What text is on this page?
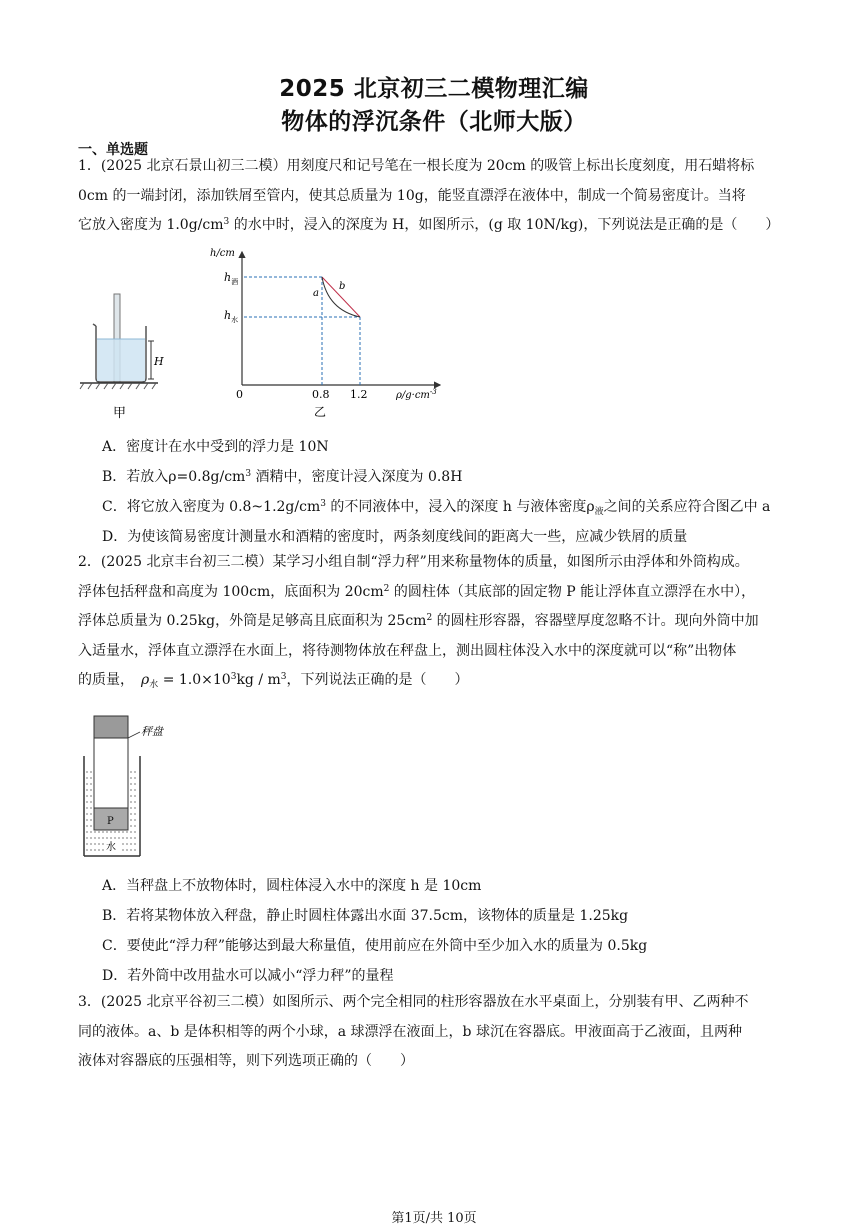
2025 北京初三二模物理汇编
物体的浮沉条件（北师大版）
一、单选题
1．(2025 北京石景山初三二模）用刻度尺和记号笔在一根长度为 20cm 的吸管上标出长度刻度，用石蜡将标
0cm 的一端封闭，添加铁屑至管内，使其总质量为 10g，能竖直漂浮在液体中，制成一个简易密度计。当将
它放入密度为 $1.0g/cm^3$ 的水中时，浸入的深度为 H，如图所示，(g 取 10N/kg)，下列说法是正确的是（　　）
H
甲
h/cm
$\rho/g\cdot cm^{-3}$
0
$h_酒$
$h_水$
a
b
0.8 1.2
乙
A．密度计在水中受到的浮力是 10N
B．若放入$\rho=0.8g/cm^3$ 酒精中，密度计浸入深度为 0.8H
C．将它放入密度为 $0.8\sim 1.2g/cm^3$ 的不同液体中，浸入的深度 h 与液体密度$\rho_液$之间的关系应符合图乙中 a
D．为使该简易密度计测量水和酒精的密度时，两条刻度线间的距离大一些，应减少铁屑的质量
2．(2025 北京丰台初三二模）某学习小组自制“浮力秤”用来称量物体的质量，如图所示由浮体和外筒构成。
浮体包括秤盘和高度为 100cm，底面积为 $20cm^2$ 的圆柱体（其底部的固定物 P 能让浮体直立漂浮在水中），
浮体总质量为 0.25kg，外筒是足够高且底面积为 $25cm^2$ 的圆柱形容器，容器壁厚度忽略不计。现向外筒中加
入适量水，浮体直立漂浮在水面上，将待测物体放在秤盘上，测出圆柱体没入水中的深度就可以“称”出物体
的质量，　 $\rho_水 = 1.0\times 10^3kg / m^3$，下列说法正确的是（　　）
秤盘
P
水
A．当秤盘上不放物体时，圆柱体浸入水中的深度 h 是 10cm
B．若将某物体放入秤盘，静止时圆柱体露出水面 37.5cm，该物体的质量是 1.25kg
C．要使此“浮力秤”能够达到最大称量值，使用前应在外筒中至少加入水的质量为 0.5kg
D．若外筒中改用盐水可以减小“浮力秤”的量程
3．(2025 北京平谷初三二模）如图所示、两个完全相同的柱形容器放在水平桌面上，分别装有甲、乙两种不
同的液体。a、b 是体积相等的两个小球，a 球漂浮在液面上，b 球沉在容器底。甲液面高于乙液面，且两种
液体对容器底的压强相等，则下列选项正确的（　　）
第1页/共 10页
